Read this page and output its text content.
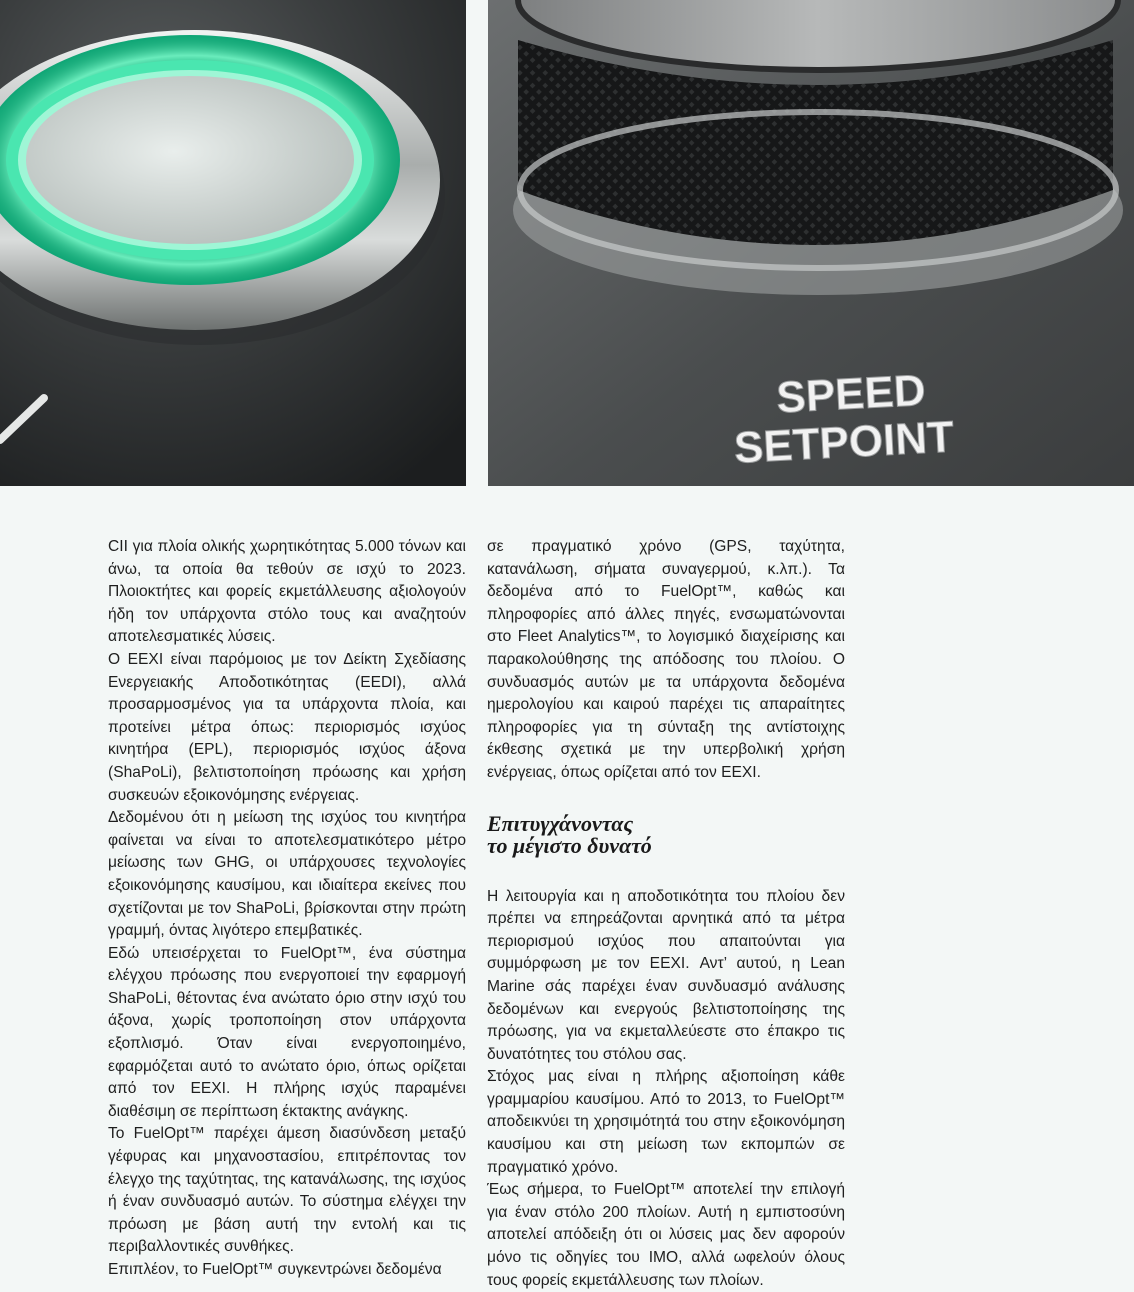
SPEED
SETPOINT

CII για πλοία ολικής χωρητικότητας 5.000 τόνων και άνω, τα οποία θα τεθούν σε ισχύ το 2023. Πλοιοκτήτες και φορείς εκμετάλλευσης αξιολογούν ήδη τον υπάρχοντα στόλο τους και αναζητούν αποτελεσματικές λύσεις.

Ο EEXI είναι παρόμοιος με τον Δείκτη Σχεδίασης Ενεργειακής Αποδοτικότητας (EEDI), αλλά προσαρμοσμένος για τα υπάρχοντα πλοία, και προτείνει μέτρα όπως: περιορισμός ισχύος κινητήρα (EPL), περιορισμός ισχύος άξονα (ShaPoLi), βελτιστοποίηση πρόωσης και χρήση συσκευών εξοικονόμησης ενέργειας.

Δεδομένου ότι η μείωση της ισχύος του κινητήρα φαίνεται να είναι το αποτελεσματικότερο μέτρο μείωσης των GHG, οι υπάρχουσες τεχνολογίες εξοικονόμησης καυσίμου, και ιδιαίτερα εκείνες που σχετίζονται με τον ShaPoLi, βρίσκονται στην πρώτη γραμμή, όντας λιγότερο επεμβατικές.

Εδώ υπεισέρχεται το FuelOpt™, ένα σύστημα ελέγχου πρόωσης που ενεργοποιεί την εφαρμογή ShaPoLi, θέτοντας ένα ανώτατο όριο στην ισχύ του άξονα, χωρίς τροποποίηση στον υπάρχοντα εξοπλισμό. Όταν είναι ενεργοποιημένο, εφαρμόζεται αυτό το ανώτατο όριο, όπως ορίζεται από τον EEXI. Η πλήρης ισχύς παραμένει διαθέσιμη σε περίπτωση έκτακτης ανάγκης.

Το FuelOpt™ παρέχει άμεση διασύνδεση μεταξύ γέφυρας και μηχανοστασίου, επιτρέποντας τον έλεγχο της ταχύτητας, της κατανάλωσης, της ισχύος ή έναν συνδυασμό αυτών. Το σύστημα ελέγχει την πρόωση με βάση αυτή την εντολή και τις περιβαλλοντικές συνθήκες.

Επιπλέον, το FuelOpt™ συγκεντρώνει δεδομένα

σε πραγματικό χρόνο (GPS, ταχύτητα, κατανάλωση, σήματα συναγερμού, κ.λπ.). Τα δεδομένα από το FuelOpt™, καθώς και πληροφορίες από άλλες πηγές, ενσωματώνονται στο Fleet Analytics™, το λογισμικό διαχείρισης και παρακολούθησης της απόδοσης του πλοίου. Ο συνδυασμός αυτών με τα υπάρχοντα δεδομένα ημερολογίου και καιρού παρέχει τις απαραίτητες πληροφορίες για τη σύνταξη της αντίστοιχης έκθεσης σχετικά με την υπερβολική χρήση ενέργειας, όπως ορίζεται από τον EEXI.

Επιτυγχάνοντας
το μέγιστο δυνατό

Η λειτουργία και η αποδοτικότητα του πλοίου δεν πρέπει να επηρεάζονται αρνητικά από τα μέτρα περιορισμού ισχύος που απαιτούνται για συμμόρφωση με τον EEXI. Αντ’ αυτού, η Lean Marine σάς παρέχει έναν συνδυασμό ανάλυσης δεδομένων και ενεργούς βελτιστοποίησης της πρόωσης, για να εκμεταλλεύεστε στο έπακρο τις δυνατότητες του στόλου σας.

Στόχος μας είναι η πλήρης αξιοποίηση κάθε γραμμαρίου καυσίμου. Από το 2013, το FuelOpt™ αποδεικνύει τη χρησιμότητά του στην εξοικονόμηση καυσίμου και στη μείωση των εκπομπών σε πραγματικό χρόνο.

Έως σήμερα, το FuelOpt™ αποτελεί την επιλογή για έναν στόλο 200 πλοίων. Αυτή η εμπιστοσύνη αποτελεί απόδειξη ότι οι λύσεις μας δεν αφορούν μόνο τις οδηγίες του IMO, αλλά ωφελούν όλους τους φορείς εκμετάλλευσης των πλοίων.
